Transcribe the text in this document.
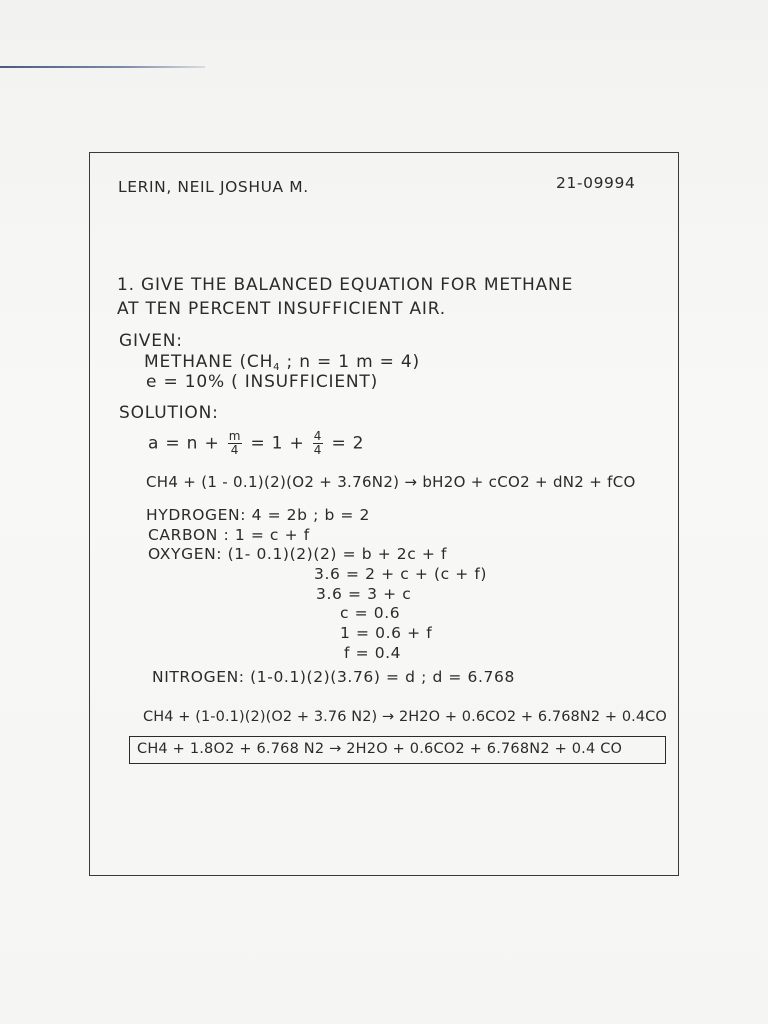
LERIN, NEIL JOSHUA M.	21-09994
1. GIVE THE BALANCED EQUATION FOR METHANE
AT TEN PERCENT INSUFFICIENT AIR.
GIVEN:
METHANE ($CH_4$ ; n = 1 m = 4)
e = 10% ( INSUFFICIENT)
SOLUTION:
$a = n + \frac{m}{4} = 1 + \frac{4}{4} = 2$
CH4 + (1 - 0.1)(2)(O2 + 3.76N2) → bH2O + cCO2 + dN2 + fCO
HYDROGEN: 4 = 2b ; b = 2
CARBON : 1 = c + f
OXYGEN: (1- 0.1)(2)(2) = b + 2c + f
3.6 = 2 + c + (c + f)
3.6 = 3 + c
c = 0.6
1 = 0.6 + f
f = 0.4
NITROGEN: (1-0.1)(2)(3.76) = d ; d = 6.768
CH4 + (1-0.1)(2)(O2 + 3.76 N2) → 2H2O + 0.6CO2 + 6.768N2 + 0.4CO
CH4 + 1.8O2 + 6.768 N2 → 2H2O + 0.6CO2 + 6.768N2 + 0.4 CO
